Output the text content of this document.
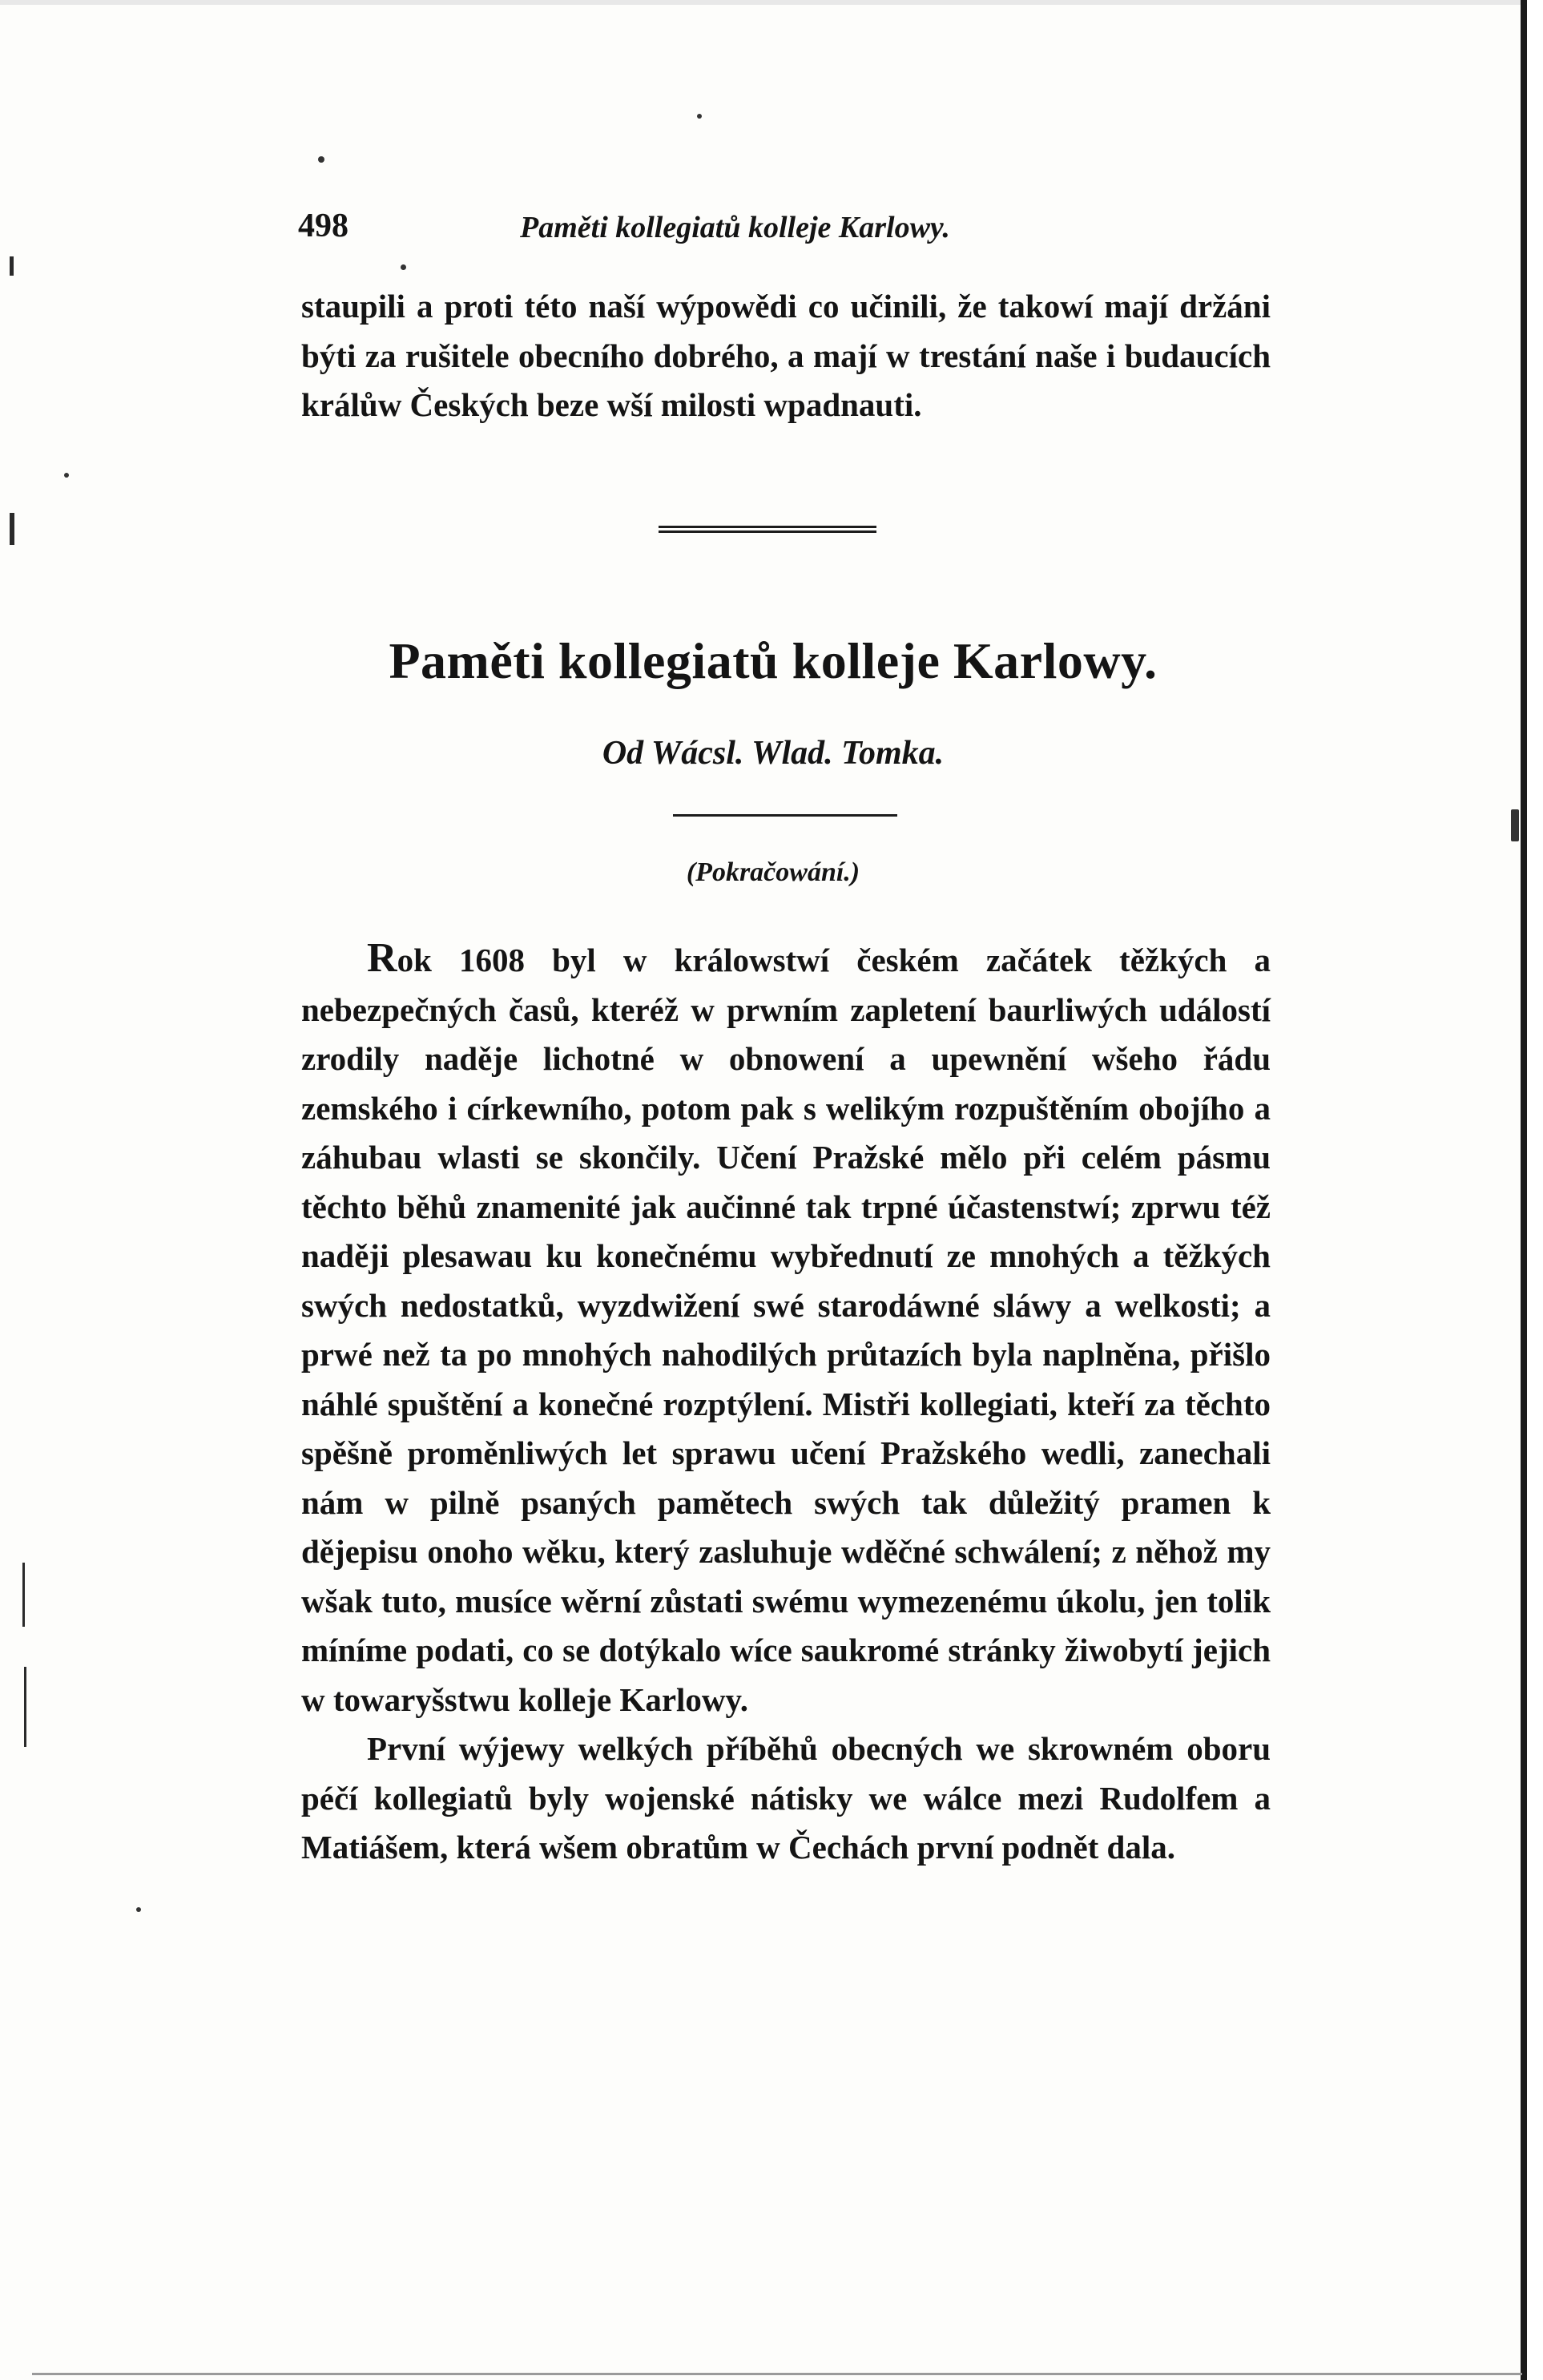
498	Paměti kollegiatů kolleje Karlowy.

staupili a proti této naší wýpowědi co učinili, že takowí mají držáni býti za rušitele obecního dobrého, a mají w trestání naše i budaucích králůw Českých beze wší milosti wpadnauti.

Paměti kollegiatů kolleje Karlowy.
Od Wácsl. Wlad. Tomka.
(Pokračowání.)

Rok 1608 byl w králowstwí českém začátek těžkých a nebezpečných časů, kteréž w prwním zapletení baurliwých událostí zrodily naděje lichotné w obnowení a upewnění wšeho řádu zemského i církewního, potom pak s welikým rozpuštěním obojího a záhubau wlasti se skončily. Učení Pražské mělo při celém pásmu těchto běhů znamenité jak aučinné tak trpné účastenstwí; zprwu též naději plesawau ku konečnému wybřednutí ze mnohých a těžkých swých nedostatků, wyzdwižení swé starodáwné sláwy a welkosti; a prwé než ta po mnohých nahodilých průtazích byla naplněna, přišlo náhlé spuštění a konečné rozptýlení. Mistři kollegiati, kteří za těchto spěšně proměnliwých let sprawu učení Pražského wedli, zanechali nám w pilně psaných pamětech swých tak důležitý pramen k dějepisu onoho wěku, který zasluhuje wděčné schwálení; z něhož my wšak tuto, musíce wěrní zůstati swému wymezenému úkolu, jen tolik míníme podati, co se dotýkalo wíce saukromé stránky žiwobytí jejich w towaryšstwu kolleje Karlowy.

První wýjewy welkých příběhů obecných we skrowném oboru péčí kollegiatů byly wojenské nátisky we wálce mezi Rudolfem a Matiášem, která wšem obratům w Čechách první podnět dala.
